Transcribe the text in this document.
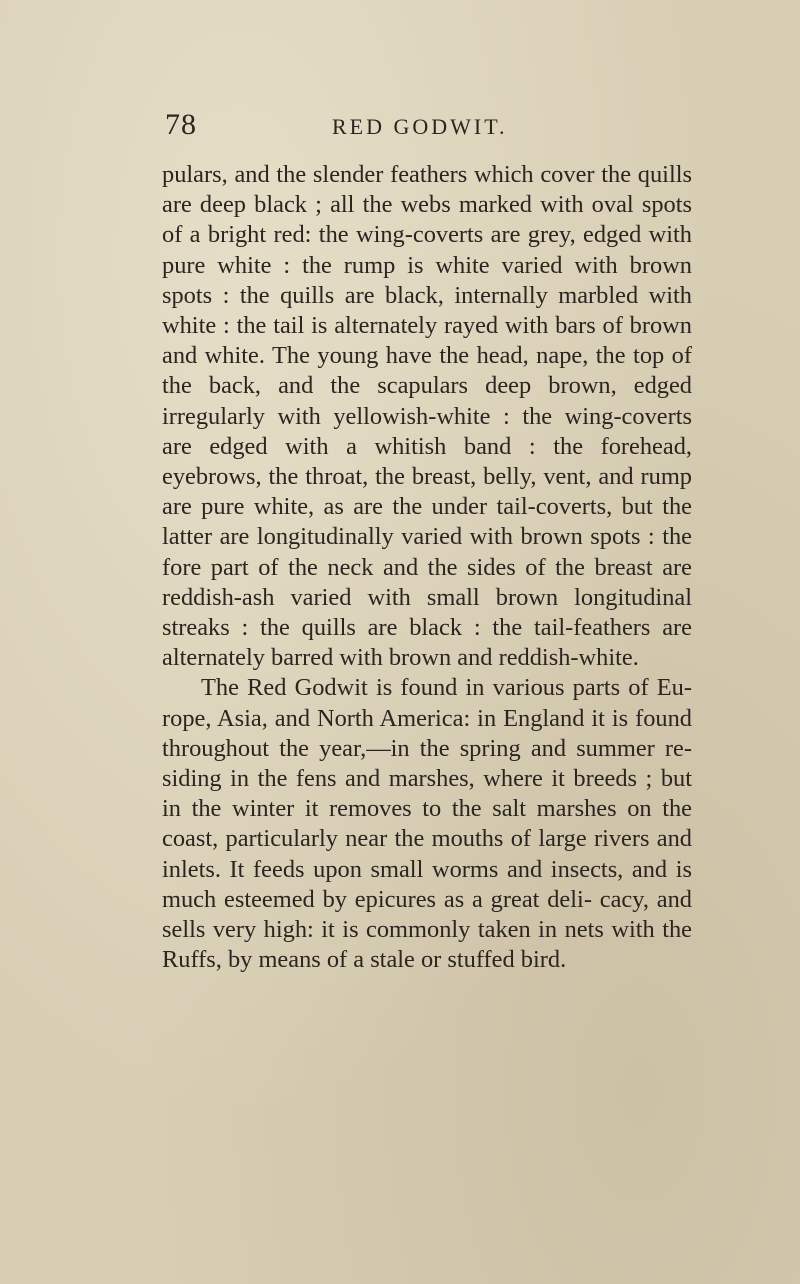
78	RED GODWIT.

pulars, and the slender feathers which cover the quills are deep black ; all the webs marked with oval spots of a bright red: the wing-coverts are grey, edged with pure white : the rump is white varied with brown spots : the quills are black, internally marbled with white : the tail is alternately rayed with bars of brown and white. The young have the head, nape, the top of the back, and the scapulars deep brown, edged irregularly with yellowish-white : the wing-coverts are edged with a whitish band : the forehead, eyebrows, the throat, the breast, belly, vent, and rump are pure white, as are the under tail-coverts, but the latter are longitudinally varied with brown spots : the fore part of the neck and the sides of the breast are reddish-ash varied with small brown longitudinal streaks : the quills are black : the tail-feathers are alternately barred with brown and reddish-white.

The Red Godwit is found in various parts of Eu- rope, Asia, and North America: in England it is found throughout the year,—in the spring and summer re- siding in the fens and marshes, where it breeds ; but in the winter it removes to the salt marshes on the coast, particularly near the mouths of large rivers and inlets. It feeds upon small worms and insects, and is much esteemed by epicures as a great deli- cacy, and sells very high: it is commonly taken in nets with the Ruffs, by means of a stale or stuffed bird.
